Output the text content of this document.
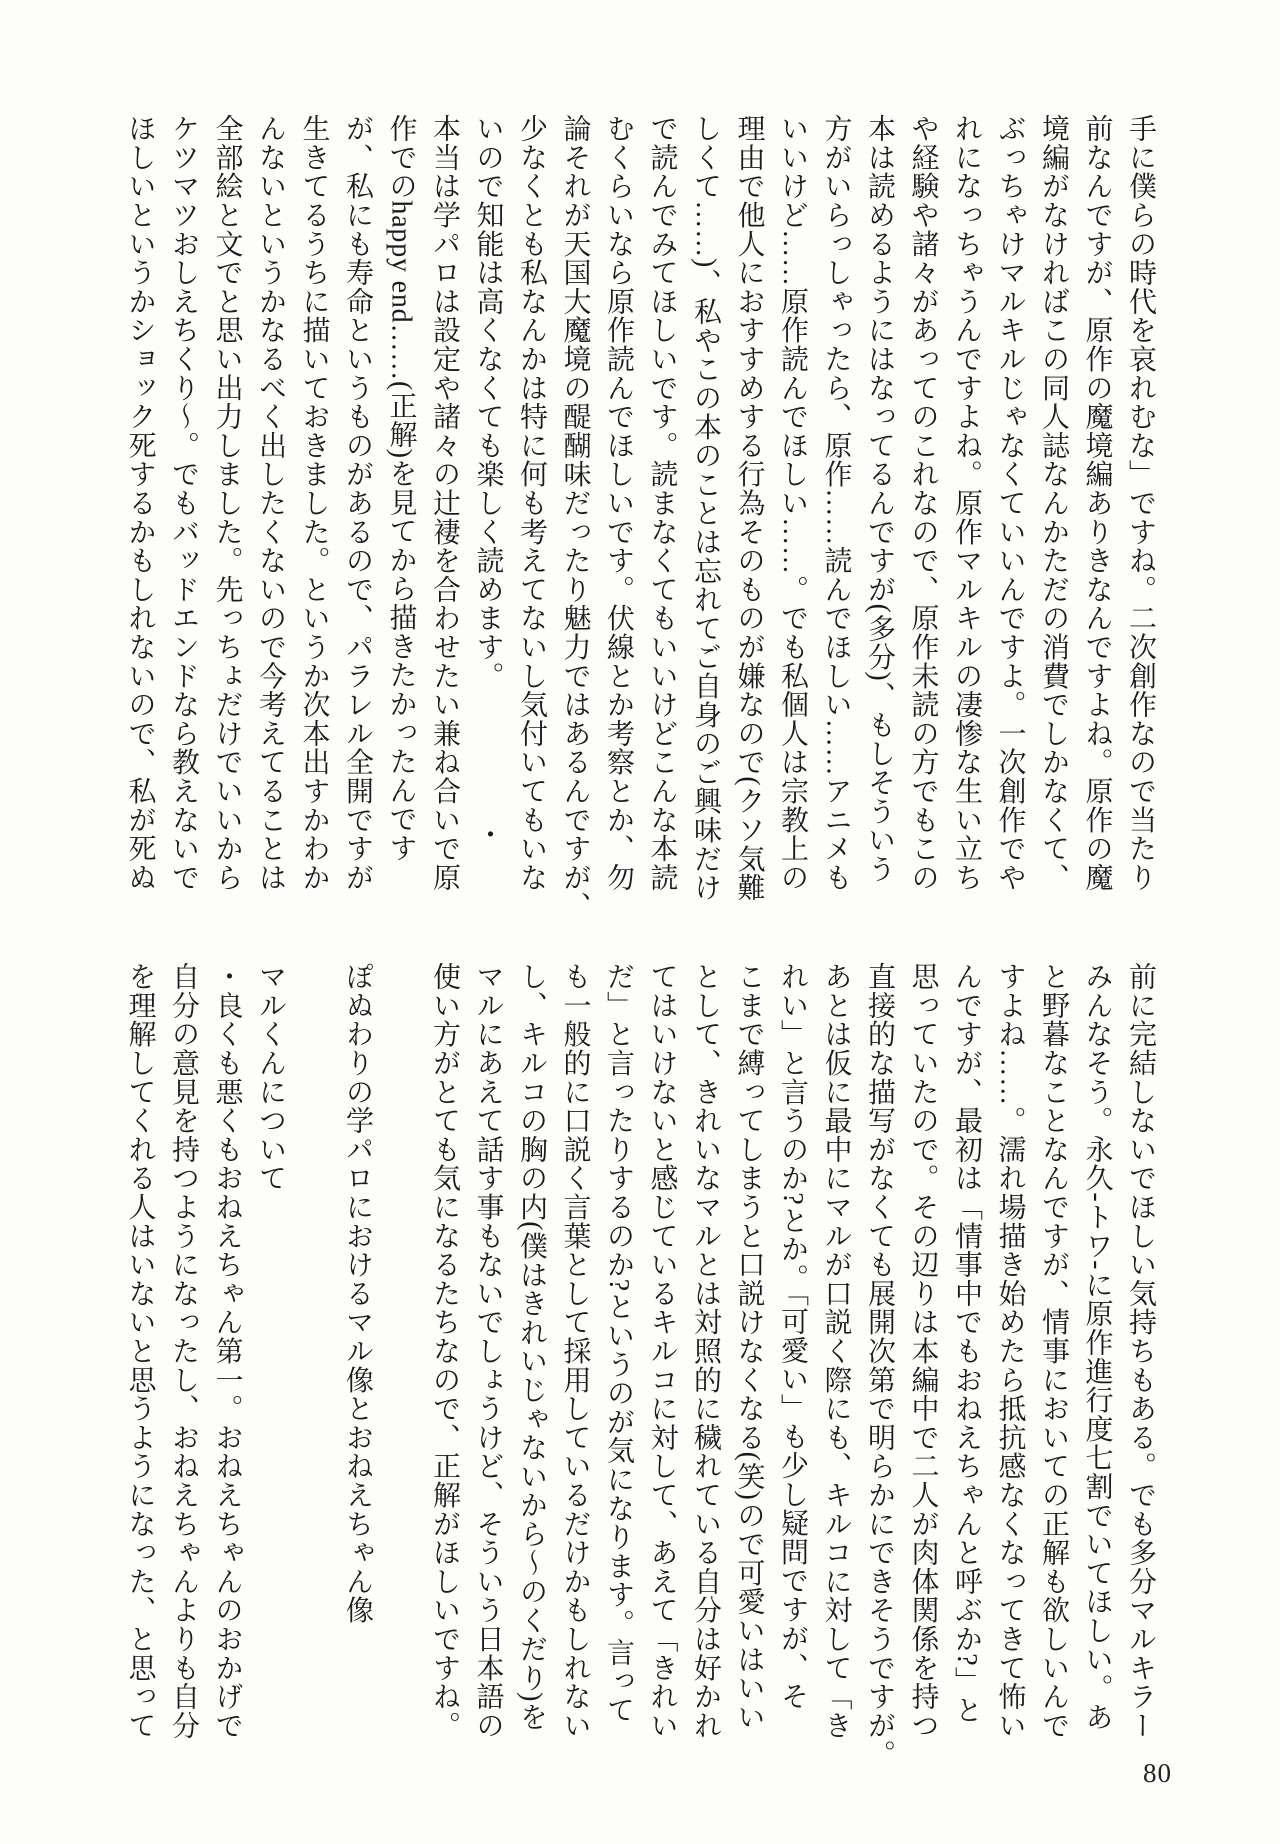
手に僕らの時代を哀れむな」ですね。二次創作なので当たり
前なんですが、原作の魔境編ありきなんですよね。原作の魔
境編がなければこの同人誌なんかただの消費でしかなくて、
ぶっちゃけマルキルじゃなくていいんですよ。一次創作でや
れになっちゃうんですよね。原作マルキルの凄惨な生い立ち
や経験や諸々があってのこれなので、原作未読の方でもこの
本は読めるようにはなってるんですが(多分)、もしそういう
方がいらっしゃったら、原作……読んでほしい……アニメも
いいけど……原作読んでほしい……。でも私個人は宗教上の
理由で他人におすすめする行為そのものが嫌なので(クソ気難
しくて……)、私やこの本のことは忘れてご自身のご興味だけ
で読んでみてほしいです。読まなくてもいいけどこんな本読
むくらいなら原作読んでほしいです。伏線とか考察とか、勿
論それが天国大魔境の醍醐味だったり魅力ではあるんですが、
少なくとも私なんかは特に何も考えてないし気付いてもいな
いので知能は高くなくても楽しく読めます。　　　　　・
本当は学パロは設定や諸々の辻褄を合わせたい兼ね合いで原
作でのhappy end……(正解)を見てから描きたかったんです
が、私にも寿命というものがあるので、パラレル全開ですが
生きてるうちに描いておきました。というか次本出すかわか
んないというかなるべく出したくないので今考えてることは
全部絵と文でと思い出力しました。先っちょだけでいいから
ケツマツおしえちくり〜。でもバッドエンドなら教えないで
ほしいというかショック死するかもしれないので、私が死ぬ
前に完結しないでほしい気持ちもある。でも多分マルキラー
みんなそう。永久-トワ-に原作進行度七割でいてほしい。あ
と野暮なことなんですが、情事においての正解も欲しいんで
すよね……。濡れ場描き始めたら抵抗感なくなってきて怖い
んですが、最初は「情事中でもおねえちゃんと呼ぶか?」と
思っていたので。その辺りは本編中で二人が肉体関係を持つ
直接的な描写がなくても展開次第で明らかにできそうですが。
あとは仮に最中にマルが口説く際にも、キルコに対して「き
れい」と言うのか?とか。「可愛い」も少し疑問ですが、そ
こまで縛ってしまうと口説けなくなる(笑)ので可愛いはいい
として、きれいなマルとは対照的に穢れている自分は好かれ
てはいけないと感じているキルコに対して、あえて「きれい
だ」と言ったりするのか?というのが気になります。言って
も一般的に口説く言葉として採用しているだけかもしれない
し、キルコの胸の内(僕はきれいじゃないから〜のくだり)を
マルにあえて話す事もないでしょうけど、そういう日本語の
使い方がとても気になるたちなので、正解がほしいですね。

ぽぬわりの学パロにおけるマル像とおねえちゃん像

マルくんについて
・良くも悪くもおねえちゃん第一。おねえちゃんのおかげで
自分の意見を持つようになったし、おねえちゃんよりも自分
を理解してくれる人はいないと思うようになった、と思って
80
